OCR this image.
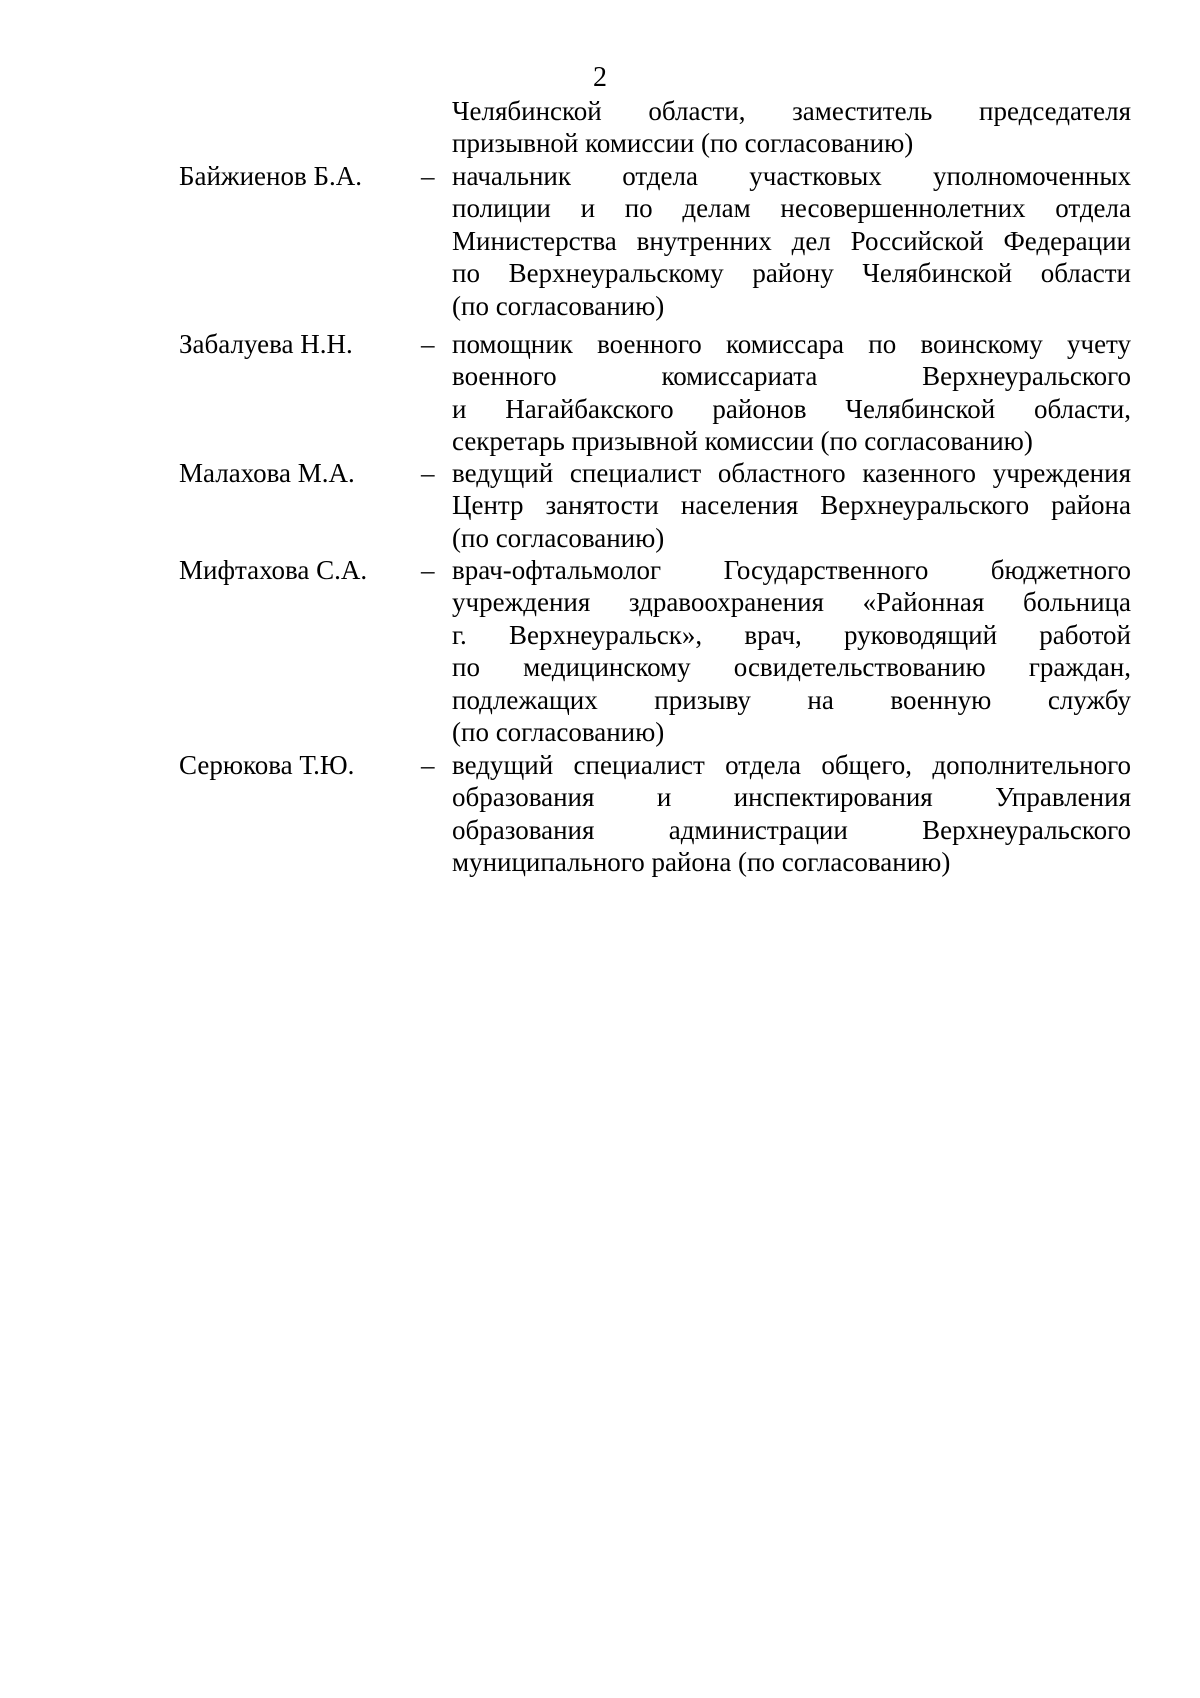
2
Челябинской области, заместитель председателя
призывной комиссии (по согласованию)
Байжиенов Б.А.	– начальник отдела участковых уполномоченных
полиции и по делам несовершеннолетних отдела
Министерства внутренних дел Российской Федерации
по Верхнеуральскому району Челябинской области
(по согласованию)
Забалуева Н.Н.	– помощник военного комиссара по воинскому учету
военного комиссариата Верхнеуральского
и Нагайбакского районов Челябинской области,
секретарь призывной комиссии (по согласованию)
Малахова М.А.	– ведущий специалист областного казенного учреждения
Центр занятости населения Верхнеуральского района
(по согласованию)
Мифтахова С.А.	– врач-офтальмолог Государственного бюджетного
учреждения здравоохранения «Районная больница
г. Верхнеуральск», врач, руководящий работой
по медицинскому освидетельствованию граждан,
подлежащих призыву на военную службу
(по согласованию)
Серюкова Т.Ю.	– ведущий специалист отдела общего, дополнительного
образования и инспектирования Управления
образования администрации Верхнеуральского
муниципального района (по согласованию)
